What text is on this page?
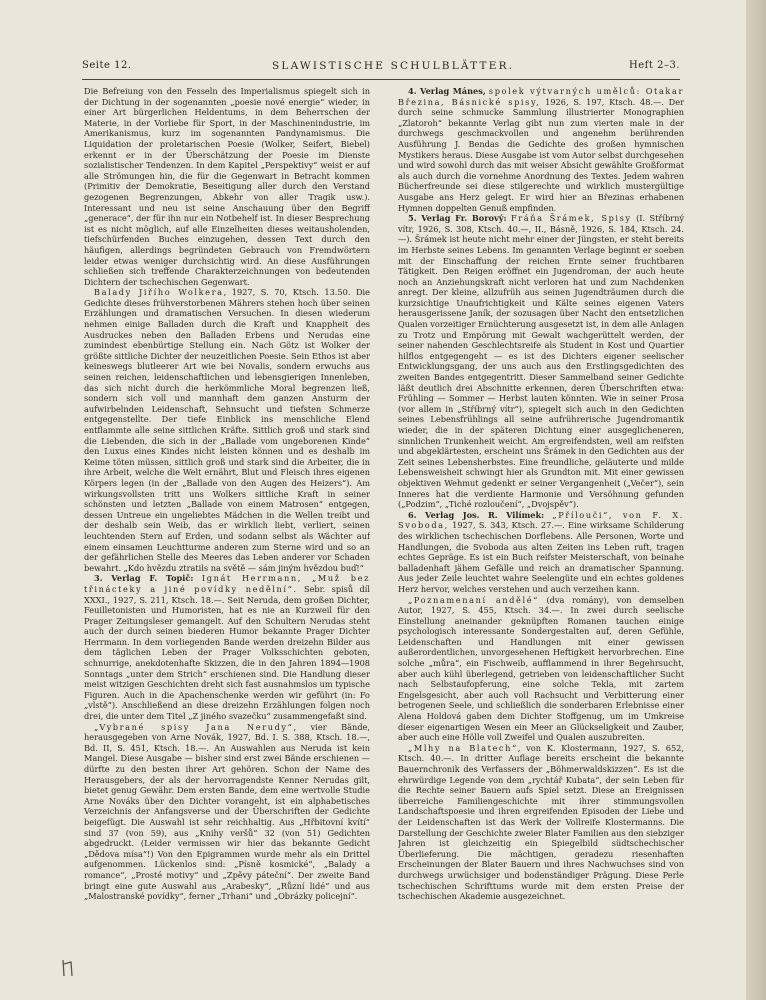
Seite 12.	SLAWISTISCHE SCHULBLÄTTER.	Heft 2–3.

Die Befreiung von den Fesseln des Imperialismus spiegelt sich in der Dichtung in der sogenannten „poesie nové energie“ wieder, in einer Art bürgerlichen Heldentums, in dem Beherrschen der Materie, in der Vorliebe für Sport, in der Maschinenindustrie, im Amerikanismus, kurz im sogenannten Pandynamismus. Die Liquidation der proletarischen Poesie (Wolker, Seifert, Biebel) erkennt er in der Überschätzung der Poesie im Dienste sozialistischer Tendenzen. In dem Kapitel „Perspektivy“ weist er auf alle Strömungen hin, die für die Gegenwart in Betracht kommen (Primitiv der Demokratie, Beseitigung aller durch den Verstand gezogenen Begrenzungen, Abkehr von aller Tragik usw.). Interessant und neu ist seine Anschauung über den Begriff „generace“, der für ihn nur ein Notbehelf ist. In dieser Besprechung ist es nicht möglich, auf alle Einzelheiten dieses weitausholenden, tiefschürfenden Buches einzugehen, dessen Text durch den häufigen, allerdings begründeten Gebrauch von Fremdwörtern leider etwas weniger durchsichtig wird. An diese Ausführungen schließen sich treffende Charakterzeichnungen von bedeutenden Dichtern der tschechischen Gegenwart.

Balady Jiřího Wolkera, 1927, S. 70, Ktsch. 13.50. Die Gedichte dieses frühverstorbenen Mährers stehen hoch über seinen Erzählungen und dramatischen Versuchen. In diesen wiederum nehmen einige Balladen durch die Kraft und Knappheit des Ausdruckes neben den Balladen Erbens und Nerudas eine zumindest ebenbürtige Stellung ein. Nach Götz ist Wolker der größte sittliche Dichter der neuzeitlichen Poesie. Sein Ethos ist aber keineswegs blutleerer Art wie bei Novalis, sondern erwuchs aus seinen reichen, leidenschaftlichen und lebensgierigen Innenleben, das sich nicht durch die herkömmliche Moral begrenzen ließ, sondern sich voll und mannhaft dem ganzen Ansturm der aufwirbelnden Leidenschaft, Sehnsucht und tiefsten Schmerze entgegenstellte. Der tiefe Einblick ins menschliche Elend entflammte alle seine sittlichen Kräfte. Sittlich groß und stark sind die Liebenden, die sich in der „Ballade vom ungeborenen Kinde“ den Luxus eines Kindes nicht leisten können und es deshalb im Keime töten müssen, sittlich groß und stark sind die Arbeiter, die in ihre Arbeit, welche die Welt ernährt, Blut und Fleisch ihres eigenen Körpers legen (in der „Ballade von den Augen des Heizers“). Am wirkungsvollsten tritt uns Wolkers sittliche Kraft in seiner schönsten und letzten „Ballade von einem Matrosen“ entgegen, dessen Untreue ein ungeliebtes Mädchen in die Wellen treibt und der deshalb sein Weib, das er wirklich liebt, verliert, seinen leuchtenden Stern auf Erden, und sodann selbst als Wächter auf einem einsamen Leuchtturme anderen zum Sterne wird und so an der gefährlichen Stelle des Meeres das Leben anderer vor Schaden bewahrt. „Kdo hvězdu ztratils na světě — sám jiným hvězdou buď!“

3. Verlag F. Topič: Ignát Herrmann, „Muž bez třinácteky a jiné povídky nedělní“. Sebr. spisů díl XXXI., 1927, S. 211, Ktsch. 18.—. Seit Neruda, dem großen Dichter, Feuilletonisten und Humoristen, hat es nie an Kurzweil für den Prager Zeitungsleser gemangelt. Auf den Schultern Nerudas steht auch der durch seinen biederen Humor bekannte Prager Dichter Herrmann. In dem vorliegenden Bande werden dreizehn Bilder aus dem täglichen Leben der Prager Volksschichten geboten, schnurrige, anekdotenhafte Skizzen, die in den Jahren 1894—1908 Sonntags „unter dem Strich“ erschienen sind. Die Handlung dieser meist witzigen Geschichten dreht sich fast ausnahmslos um typische Figuren. Auch in die Apachenschenke werden wir geführt (in: Fo „vlstě“). Anschließend an diese dreizehn Erzählungen folgen noch drei, die unter dem Titel „Z jiného svazečku“ zusammengefaßt sind.

„Vybrané spisy Jana Nerudy“, vier Bände, herausgegeben von Arne Novák, 1927, Bd. I. S. 388, Ktsch. 18.—, Bd. II, S. 451, Ktsch. 18.—. An Auswahlen aus Neruda ist kein Mangel. Diese Ausgabe — bisher sind erst zwei Bände erschienen — dürfte zu den besten ihrer Art gehören. Schon der Name des Herausgebers, der als der hervorragendste Kenner Nerudas gilt, bietet genug Gewähr. Dem ersten Bande, dem eine wertvolle Studie Arne Nováks über den Dichter vorangeht, ist ein alphabetisches Verzeichnis der Anfangsverse und der Überschriften der Gedichte beigefügt. Die Auswahl ist sehr reichhaltig. Aus „Hřbitovní kvítí“ sind 37 (von 59), aus „Knihy veršů“ 32 (von 51) Gedichten abgedruckt. (Leider vermissen wir hier das bekannte Gedicht „Dědova mísa“!) Von den Epigrammen wurde mehr als ein Drittel aufgenommen. Lückenlos sind: „Písně kosmické“, „Balady a romance“, „Prosté motivy“ und „Zpěvy páteční“. Der zweite Band bringt eine gute Auswahl aus „Arabesky“, „Různí lidé“ und aus „Malostranské povídky“, ferner „Trhani“ und „Obrázky policejní“.

4. Verlag Mánes, spolek výtvarných umělců: Otakar Březina, Básnické spisy, 1926, S. 197, Ktsch. 48.—. Der durch seine schmucke Sammlung illustrierter Monographien „Zlatoroh“ bekannte Verlag gibt nun zum vierten male in der durchwegs geschmackvollen und angenehm berührenden Ausführung J. Bendas die Gedichte des großen hymnischen Mystikers heraus. Diese Ausgabe ist vom Autor selbst durchgesehen und wird sowohl durch das mit weiser Absicht gewählte Großformat als auch durch die vornehme Anordnung des Textes. Jedem wahren Bücherfreunde sei diese stilgerechte und wirklich mustergültige Ausgabe ans Herz gelegt. Er wird hier an Březinas erhabenen Hymnen doppelten Genuß empfinden.

5. Verlag Fr. Borový: Fráňa Šrámek, Spisy (I. Stříbrný vítr, 1926, S. 308, Ktsch. 40.—, II., Básně, 1926, S. 184, Ktsch. 24.—). Šrámek ist heute nicht mehr einer der Jüngsten, er steht bereits im Herbste seines Lebens. Im genannten Verlage beginnt er soeben mit der Einschaffung der reichen Ernte seiner fruchtbaren Tätigkeit. Den Reigen eröffnet ein Jugendroman, der auch heute noch an Anziehungskraft nicht verloren hat und zum Nachdenken anregt. Der kleine, allzufrüh aus seinen Jugendträumen durch die kurzsichtige Unaufrichtigkeit und Kälte seines eigenen Vaters herausgerissene Janík, der sozusagen über Nacht den entsetzlichen Qualen vorzeitiger Ernüchterung ausgesetzt ist, in dem alle Anlagen zu Trotz und Empörung mit Gewalt wachgerüttelt werden, der seiner nahenden Geschlechtsreife als Student in Kost und Quartier hilflos entgegengeht — es ist des Dichters eigener seelischer Entwicklungsgang, der uns auch aus den Erstlingsgedichten des zweiten Bandes entgegentritt. Dieser Sammelband seiner Gedichte läßt deutlich drei Abschnitte erkennen, deren Überschriften etwa: Frühling — Sommer — Herbst lauten könnten. Wie in seiner Prosa (vor allem in „Stříbrný vítr“), spiegelt sich auch in den Gedichten seines Lebensfrühlings all seine aufrührerische Jugendromantik wieder, die in der späteren Dichtung einer ausgeglicheneren, sinnlichen Trunkenheit weicht. Am ergreifendsten, weil am reifsten und abgeklärtesten, erscheint uns Šrámek in den Gedichten aus der Zeit seines Lebensherbstes. Eine freundliche, geläuterte und milde Lebensweisheit schwingt hier als Grundton mit. Mit einer gewissen objektiven Wehmut gedenkt er seiner Vergangenheit („Večer“), sein Inneres hat die verdiente Harmonie und Versöhnung gefunden („Podzim“, „Tiché rozloučení“, „Dvojspěv“).

6. Verlag Jos. R. Vilímek: „Přílouči“, von F. X. Svoboda, 1927, S. 343, Ktsch. 27.—. Eine wirksame Schilderung des wirklichen tschechischen Dorflebens. Alle Personen, Worte und Handlungen, die Svoboda aus alten Zeiten ins Leben ruft, tragen echtes Gepräge. Es ist ein Buch reifster Meisterschaft, von beinahe balladenhaft jähem Gefälle und reich an dramatischer Spannung. Aus jeder Zeile leuchtet wahre Seelengüte und ein echtes goldenes Herz hervor, welches verstehen und auch verzeihen kann.

„Poznamenaní andělé“ (dva romány), von demselben Autor, 1927, S. 455, Ktsch. 34.—. In zwei durch seelische Einstellung aneinander geknüpften Romanen tauchen einige psychologisch interessante Sondergestalten auf, deren Gefühle, Leidenschaften und Handlungen mit einer gewissen außerordentlichen, unvorgesehenen Heftigkeit hervorbrechen. Eine solche „můra“, ein Fischweib, aufflammend in ihrer Begehrsucht, aber auch kühl überlegend, getrieben von leidenschaftlicher Sucht nach Selbstaufopferung, eine solche Tekla, mit zartem Engelsgesicht, aber auch voll Rachsucht und Verbitterung einer betrogenen Seele, und schließlich die sonderbaren Erlebnisse einer Alena Holdová gaben dem Dichter Stoffgenug, um im Umkreise dieser eigenartigen Wesen ein Meer an Glückseligkeit und Zauber, aber auch eine Hölle voll Zweifel und Qualen auszubreiten.

„Mlhy na Blatech“, von K. Klostermann, 1927, S. 652, Ktsch. 40.—. In dritter Auflage bereits erscheint die bekannte Bauernchronik des Verfassers der „Böhmerwaldskizzen“. Es ist die ehrwürdige Legende von dem „rychtář Kubata“, der sein Leben für die Rechte seiner Bauern aufs Spiel setzt. Diese an Ereignissen überreiche Familiengeschichte mit ihrer stimmungsvollen Landschaftspoesie und ihren ergreifenden Episoden der Liebe und der Leidenschaften ist das Werk der Vollreife Klostermanns. Die Darstellung der Geschichte zweier Blater Familien aus den siebziger Jahren ist gleichzeitig ein Spiegelbild südtschechischer Überlieferung. Die mächtigen, geradezu riesenhaften Erscheinungen der Blater Bauern und ihres Nachwuchses sind von durchwegs urwüchsiger und bodenständiger Prägung. Diese Perle tschechischen Schrifttums wurde mit dem ersten Preise der tschechischen Akademie ausgezeichnet.
